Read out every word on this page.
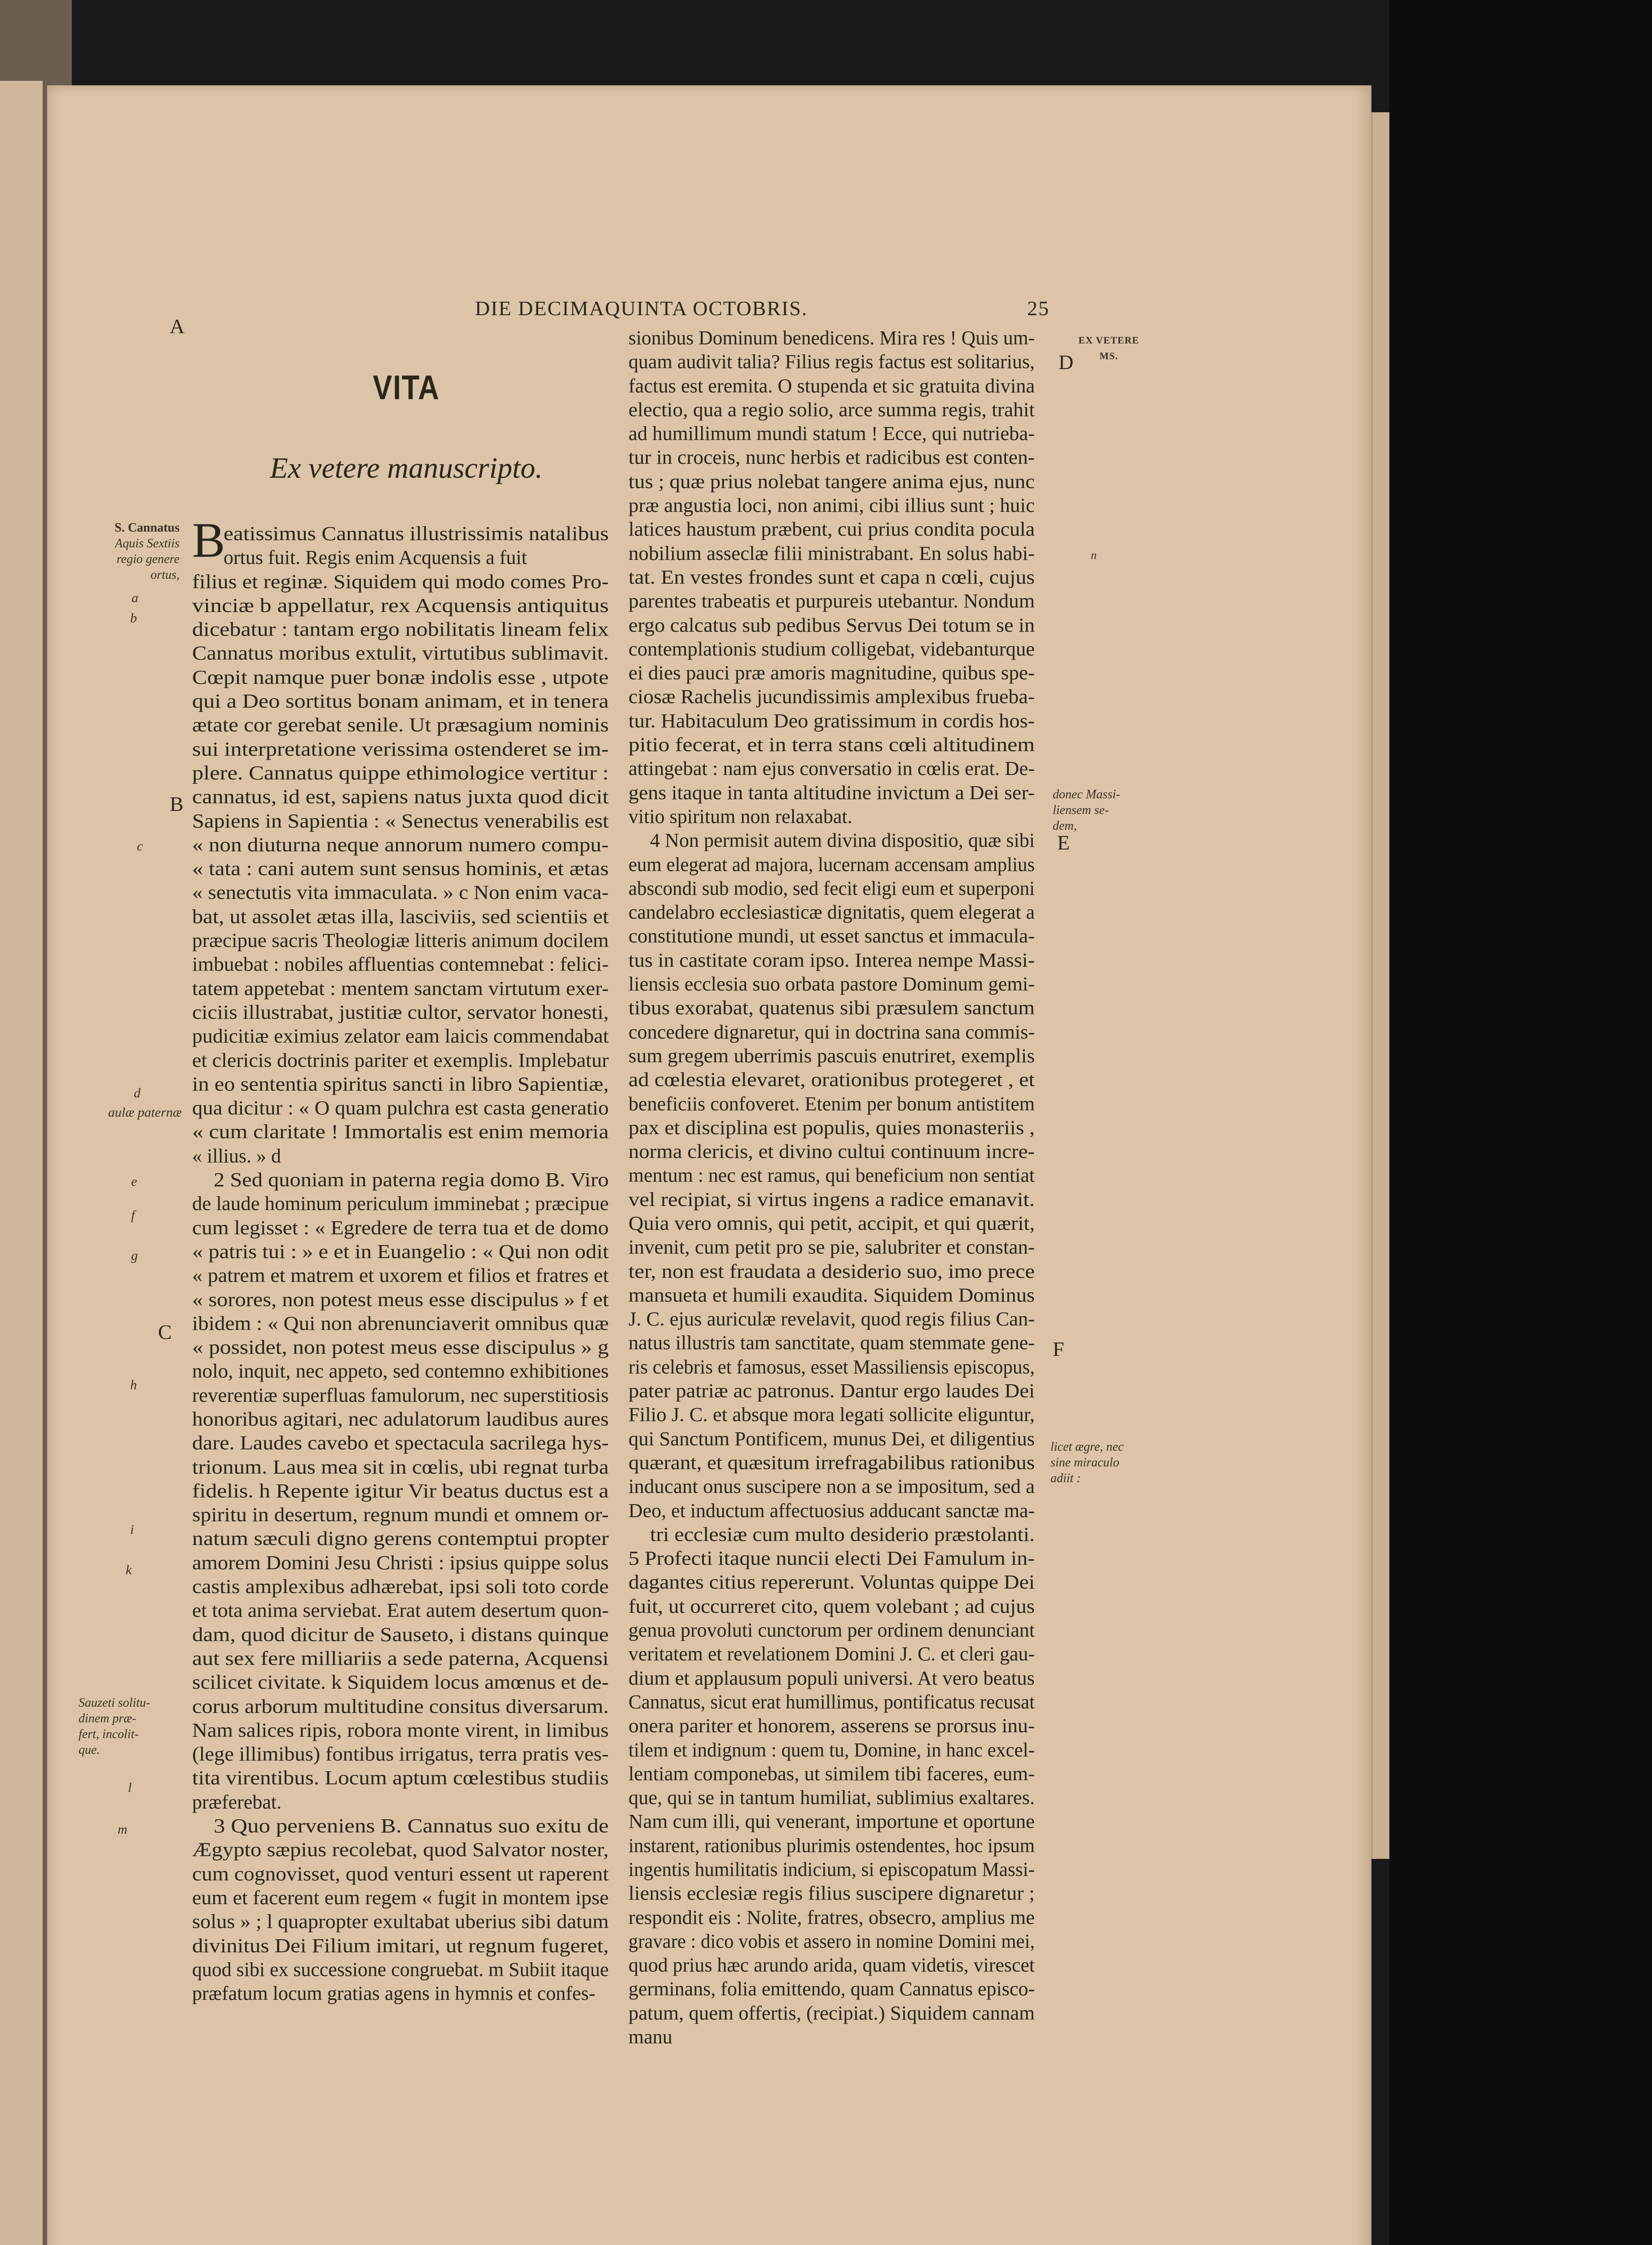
DIE DECIMAQUINTA OCTOBRIS.	25
A
B
C
D
E
F
VITA
Ex vetere manuscripto.
S. Cannatus
Aquis Sextiis
regio genere
ortus,
a
b
c
d
aulæ paternæ
e
f
g
h
i
k
Sauzeti solitu-
dinem præ-
fert, incolit-
que.
l
m
EX VETERE
MS.
n
donec Massi-
liensem se-
dem,
licet ægre, nec
sine miraculo
adiit :
eatissimus Cannatus illustrissimis natalibus
ortus fuit. Regis enim Acquensis a fuit
filius et reginæ. Siquidem qui modo comes Pro-
vinciæ b appellatur, rex Acquensis antiquitus
dicebatur : tantam ergo nobilitatis lineam felix
Cannatus moribus extulit, virtutibus sublimavit.
Cœpit namque puer bonæ indolis esse , utpote
qui a Deo sortitus bonam animam, et in tenera
ætate cor gerebat senile. Ut præsagium nominis
sui interpretatione verissima ostenderet se im-
plere. Cannatus quippe ethimologice vertitur :
cannatus, id est, sapiens natus juxta quod dicit
Sapiens in Sapientia : « Senectus venerabilis est
« non diuturna neque annorum numero compu-
« tata : cani autem sunt sensus hominis, et ætas
« senectutis vita immaculata. » c Non enim vaca-
bat, ut assolet ætas illa, lasciviis, sed scientiis et
præcipue sacris Theologiæ litteris animum docilem
imbuebat : nobiles affluentias contemnebat : felici-
tatem appetebat : mentem sanctam virtutum exer-
ciciis illustrabat, justitiæ cultor, servator honesti,
pudicitiæ eximius zelator eam laicis commendabat
et clericis doctrinis pariter et exemplis. Implebatur
in eo sententia spiritus sancti in libro Sapientiæ,
qua dicitur : « O quam pulchra est casta generatio
« cum claritate ! Immortalis est enim memoria
« illius. » d
2 Sed quoniam in paterna regia domo B. Viro
de laude hominum periculum imminebat ; præcipue
cum legisset : « Egredere de terra tua et de domo
« patris tui : » e et in Euangelio : « Qui non odit
« patrem et matrem et uxorem et filios et fratres et
« sorores, non potest meus esse discipulus » f et
ibidem : « Qui non abrenunciaverit omnibus quæ
« possidet, non potest meus esse discipulus » g
nolo, inquit, nec appeto, sed contemno exhibitiones
reverentiæ superfluas famulorum, nec superstitiosis
honoribus agitari, nec adulatorum laudibus aures
dare. Laudes cavebo et spectacula sacrilega hys-
trionum. Laus mea sit in cœlis, ubi regnat turba
fidelis. h Repente igitur Vir beatus ductus est a
spiritu in desertum, regnum mundi et omnem or-
natum sæculi digno gerens contemptui propter
amorem Domini Jesu Christi : ipsius quippe solus
castis amplexibus adhærebat, ipsi soli toto corde
et tota anima serviebat. Erat autem desertum quon-
dam, quod dicitur de Sauseto, i distans quinque
aut sex fere milliariis a sede paterna, Acquensi
scilicet civitate. k Siquidem locus amœnus et de-
corus arborum multitudine consitus diversarum.
Nam salices ripis, robora monte virent, in limibus
(lege illimibus) fontibus irrigatus, terra pratis ves-
tita virentibus. Locum aptum cœlestibus studiis
præferebat.
3 Quo perveniens B. Cannatus suo exitu de
Ægypto sæpius recolebat, quod Salvator noster,
cum cognovisset, quod venturi essent ut raperent
eum et facerent eum regem « fugit in montem ipse
solus » ; l quapropter exultabat uberius sibi datum
divinitus Dei Filium imitari, ut regnum fugeret,
quod sibi ex successione congruebat. m Subiit itaque
præfatum locum gratias agens in hymnis et confes-
sionibus Dominum benedicens. Mira res ! Quis um-
quam audivit talia? Filius regis factus est solitarius,
factus est eremita. O stupenda et sic gratuita divina
electio, qua a regio solio, arce summa regis, trahit
ad humillimum mundi statum ! Ecce, qui nutrieba-
tur in croceis, nunc herbis et radicibus est conten-
tus ; quæ prius nolebat tangere anima ejus, nunc
præ angustia loci, non animi, cibi illius sunt ; huic
latices haustum præbent, cui prius condita pocula
nobilium asseclæ filii ministrabant. En solus habi-
tat. En vestes frondes sunt et capa n cœli, cujus
parentes trabeatis et purpureis utebantur. Nondum
ergo calcatus sub pedibus Servus Dei totum se in
contemplationis studium colligebat, videbanturque
ei dies pauci præ amoris magnitudine, quibus spe-
ciosæ Rachelis jucundissimis amplexibus frueba-
tur. Habitaculum Deo gratissimum in cordis hos-
pitio fecerat, et in terra stans cœli altitudinem
attingebat : nam ejus conversatio in cœlis erat. De-
gens itaque in tanta altitudine invictum a Dei ser-
vitio spiritum non relaxabat.
4 Non permisit autem divina dispositio, quæ sibi
eum elegerat ad majora, lucernam accensam amplius
abscondi sub modio, sed fecit eligi eum et superponi
candelabro ecclesiasticæ dignitatis, quem elegerat a
constitutione mundi, ut esset sanctus et immacula-
tus in castitate coram ipso. Interea nempe Massi-
liensis ecclesia suo orbata pastore Dominum gemi-
tibus exorabat, quatenus sibi præsulem sanctum
concedere dignaretur, qui in doctrina sana commis-
sum gregem uberrimis pascuis enutriret, exemplis
ad cœlestia elevaret, orationibus protegeret , et
beneficiis confoveret. Etenim per bonum antistitem
pax et disciplina est populis, quies monasteriis ,
norma clericis, et divino cultui continuum incre-
mentum : nec est ramus, qui beneficium non sentiat
vel recipiat, si virtus ingens a radice emanavit.
Quia vero omnis, qui petit, accipit, et qui quærit,
invenit, cum petit pro se pie, salubriter et constan-
ter, non est fraudata a desiderio suo, imo prece
mansueta et humili exaudita. Siquidem Dominus
J. C. ejus auriculæ revelavit, quod regis filius Can-
natus illustris tam sanctitate, quam stemmate gene-
ris celebris et famosus, esset Massiliensis episcopus,
pater patriæ ac patronus. Dantur ergo laudes Dei
Filio J. C. et absque mora legati sollicite eliguntur,
qui Sanctum Pontificem, munus Dei, et diligentius
quærant, et quæsitum irrefragabilibus rationibus
inducant onus suscipere non a se impositum, sed a
Deo, et inductum affectuosius adducant sanctæ ma-
tri ecclesiæ cum multo desiderio præstolanti.
5 Profecti itaque nuncii electi Dei Famulum in-
dagantes citius repererunt. Voluntas quippe Dei
fuit, ut occurreret cito, quem volebant ; ad cujus
genua provoluti cunctorum per ordinem denunciant
veritatem et revelationem Domini J. C. et cleri gau-
dium et applausum populi universi. At vero beatus
Cannatus, sicut erat humillimus, pontificatus recusat
onera pariter et honorem, asserens se prorsus inu-
tilem et indignum : quem tu, Domine, in hanc excel-
lentiam componebas, ut similem tibi faceres, eum-
que, qui se in tantum humiliat, sublimius exaltares.
Nam cum illi, qui venerant, importune et oportune
instarent, rationibus plurimis ostendentes, hoc ipsum
ingentis humilitatis indicium, si episcopatum Massi-
liensis ecclesiæ regis filius suscipere dignaretur ;
respondit eis : Nolite, fratres, obsecro, amplius me
gravare : dico vobis et assero in nomine Domini mei,
quod prius hæc arundo arida, quam videtis, virescet
germinans, folia emittendo, quam Cannatus episco-
patum, quem offertis, (recipiat.) Siquidem cannam
manu
B
